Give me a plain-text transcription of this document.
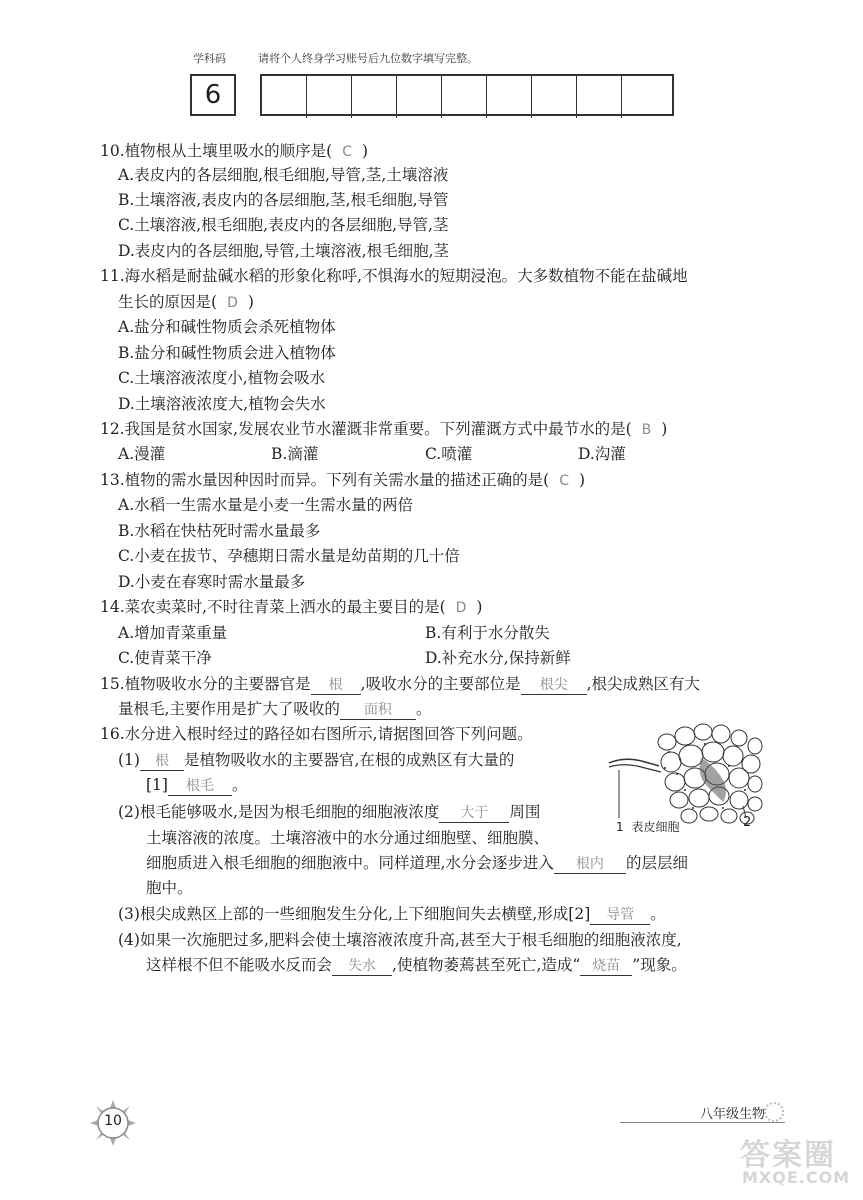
学科码	请将个人终身学习账号后九位数字填写完整。
6
10.植物根从土壤里吸水的顺序是( C )
A.表皮内的各层细胞,根毛细胞,导管,茎,土壤溶液
B.土壤溶液,表皮内的各层细胞,茎,根毛细胞,导管
C.土壤溶液,根毛细胞,表皮内的各层细胞,导管,茎
D.表皮内的各层细胞,导管,土壤溶液,根毛细胞,茎
11.海水稻是耐盐碱水稻的形象化称呼,不惧海水的短期浸泡。大多数植物不能在盐碱地
生长的原因是( D )
A.盐分和碱性物质会杀死植物体
B.盐分和碱性物质会进入植物体
C.土壤溶液浓度小,植物会吸水
D.土壤溶液浓度大,植物会失水
12.我国是贫水国家,发展农业节水灌溉非常重要。下列灌溉方式中最节水的是( B )
A.漫灌	B.滴灌	C.喷灌	D.沟灌
13.植物的需水量因种因时而异。下列有关需水量的描述正确的是( C )
A.水稻一生需水量是小麦一生需水量的两倍
B.水稻在快枯死时需水量最多
C.小麦在拔节、孕穗期日需水量是幼苗期的几十倍
D.小麦在春寒时需水量最多
14.菜农卖菜时,不时往青菜上洒水的最主要目的是( D )
A.增加青菜重量	B.有利于水分散失
C.使青菜干净	D.补充水分,保持新鲜
15.植物吸收水分的主要器官是 根 ,吸收水分的主要部位是 根尖 ,根尖成熟区有大
量根毛,主要作用是扩大了吸收的 面积 。
16.水分进入根时经过的路径如右图所示,请据图回答下列问题。
(1) 根 是植物吸收水的主要器官,在根的成熟区有大量的
[1] 根毛 。
(2)根毛能够吸水,是因为根毛细胞的细胞液浓度 大于 周围
土壤溶液的浓度。土壤溶液中的水分通过细胞壁、细胞膜、
细胞质进入根毛细胞的细胞液中。同样道理,水分会逐步进入 根内 的层层细
胞中。
(3)根尖成熟区上部的一些细胞发生分化,上下细胞间失去横壁,形成[2] 导管 。
(4)如果一次施肥过多,肥料会使土壤溶液浓度升高,甚至大于根毛细胞的细胞液浓度,
这样根不但不能吸水反而会 失水 ,使植物萎蔫甚至死亡,造成“ 烧苗 ”现象。
1 表皮细胞	2
10	八年级生物
答案圈
MXQE.COM
